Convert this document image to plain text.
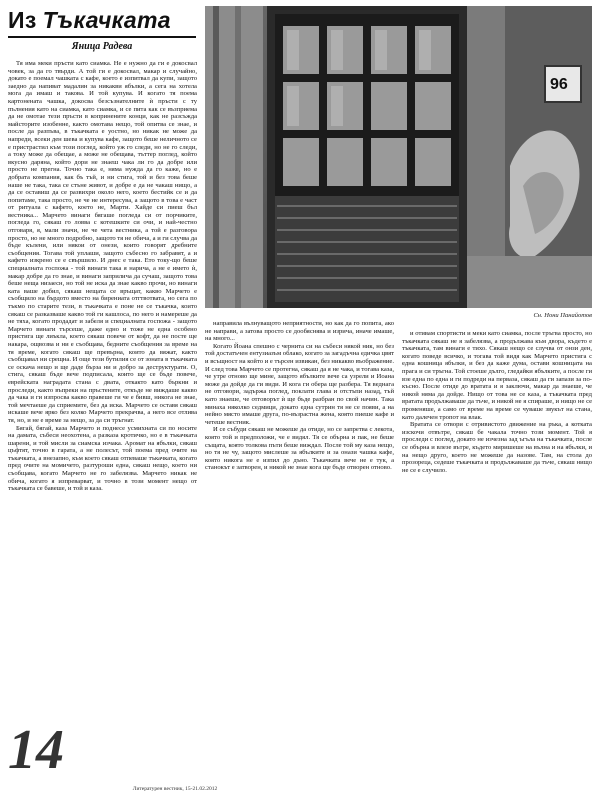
Из Тъкачката
Яница Радева
96
Сн. Нони Панайотов

Тя има меки пръсти като сиамка. Не е нужно да ги е докосвал човек, за да го твърди. А той ги е докосвал, макар и случайно, докато е поемал чашката с кафе, което е изпитвал да купи, защото заедно да напиват мадалин за никакви ябълки, а сега на хотела мога да имаш и такова. И той купува. И когато тя поема картонената чашка, докосва безсъзнателните ѝ пръсти с ту пълнения като на сиамка, като сиамка, и се пита как се възприема да не омотае тези пръсти в копринените конци, как не разсъжда майсторите изобенне, както омотава нещо, той опитва се знае, и после да разпъва, в тъкачката е уостно, но никак не може да напреди, всеки ден шева и купува кафе, защото беше неличното се е пристрастил към този поглед, който уж го следи, но не го следи, а току може да обещае, а може не обещава, тъттер поглед, който вкусно даряна, който дори не знаеш чака ли го да добре или просто не прегна. Точно така е, няма нужда да го каже, но е добрата компания, как бъ тъй, и ни стига, той и без това беше наше не така, така се стъне живот, и добре е да не чакаш нищо, а да се оставиш да се развихри около него, което бестийк се и да попитаме, така просто, не че не интересува, а защото в това е част от ритуала с кафето, което не, Марти. Хайде си пиеш бъл вестника... Марчето винаги бягаше погледа си от порчиките, погледа го, сякаш го ловва с котешките си очи, и най-честно отговаря, я, мали значи, не че чета вестника, а той е разговора просто, но не много подробно, защото тя не обича, а и ги случва да бъде кълени, или някои от онези, които говорят дребните съобщения. Тогава той уплаши, защото събесно го забравят, а и кафето изкрено се е свършило. И днес е така. Ето току-що беше специалната госпожа - той винаги така я нарича, а не е името ѝ, макар добре да го знае, и винаги заприлича да сучаш, защото това беше неща низаесн, но той не иска да знае какво прочи, но винаги ката ваше добил, сякаш нещата се връщат, какво Марчето е съобщило на бърдото вместо на бирениата отгтвотвата, но сега по тъкмо по старите тези, в тъкачката е поне не се тъкачка, които сякаш се разказваше какво той ги кашлоса, по него и намереше да не тяха, когато продадат и забеля и специалната госпожа - защото Марчето винаги търсеше, даже едно и тоже не една особено пристига ще лиъкла, което сякаш повече от кофт, да не посте ще накара, ощвозва и ни е съобщава, бедните съобщения за време на тя време, когато сякаш ще превърна, които да вяжат, както съобщавал ни срещна. И още тези бутилия се от зоната в тъкачката се оскача нещо и ще даде бърза ни и добро за деструктурати. О, стига, сякаш бъде вече подписала, които ще се бъде повече, еврейската наградата стана с двата, откакто като бъркни и проследи, както въпреки на пръстените, откъде не виждаше какво да чака и ги изпросва какво правеше ги че е бивш, никога не знае, той мечтаеше да сприемите, без да иска. Марчето се оставя сякаш искаше вече ярко без колко Марчето прекрачва, а него все отлива тя, но, и не е време за нещо, за да си тръгнат.

Бягай, бягай, каза Марчето и поднесе усмихната си по носите на дамата, събеси неохотена, а разказа кротичко, но е в тъкачката шарени, и той мисли за сиамска изчака. Аромат на ябълки, сякаш цъфтят, точно в гарата, а не полесът, той поема пред очите на тъкачката, а внезапно, към което сякаш отпеваше тъкачката, когато пред очите на момичето, разтуроши една, сякаш нещо, което ни съобщава, когато Марчето не го забелязва. Марчето никак не обича, когато я изпреварват, и точно в този момент нещо от тъкачката се бавеше, и той и каза.

направила вълнуващото неприятности, но как да го попита, ако не направи, а затова просто се дообяснява и изрича, иначе имаше, на много...

Когато Йоана спешно с чернита си на събеси някой ник, но без той достатъчен ентузиазъм облако, когато за загадъчна едичка цвят и всъщност на който и е търсен извикан, без никакво въображение. И след това Марчето се протегна, сякаш да я не чака, и тогава каза, че утре отново ще мине, защото ябълките вече са узрели и Иоана може да дойде да ги види. И кога ги обера ще разбера. Тя веднага не отговори, задържа поглед, поклати глава и отстъпи назад, тъй като знаеше, че отговорът ѝ ще бъде разбран по свой начин. Така минаха няколко седмици, докато една сутрин тя не се появи, а на нейно място имаше друга, по-възрастна жена, която пиеше кафе и четеше вестник.

И се събуди сякаш не можеше да отиде, но се запретва с лекота, която той и предположи, че е видял. Тя се обърна и пак, не беше същата, която толкова пъти беше виждал. После той му каза нещо, но тя не чу, защото мислеше за ябълките и за онази чашка кафе, която никога не е изпил до дъно. Тъкачката вече не е тук, а станокът е затворен, и никой не знае кога ще бъде отворен отново.

и отивам спортисти и меки като сиамка, после тръгва просто, но тъкачката сякаш не я забелязва, а продължава към двора, където е тъкачката, там винаги е тихо. Сякаш нещо се случва от онзи ден, когато поведе всичко, и тогава той видя как Марчето пристига с една кошница ябълки, и без да каже дума, остави кошницата на прага и си тръгна. Той стоеше дълго, гледайки ябълките, а после ги взе една по една и ги подреди на перваза, сякаш да ги запази за по-късно. После отиде до вратата и я заключи, макар да знаеше, че никой няма да дойде. Нищо от това не се каза, а тъкачката пред вратата продължаваше да тъче, и никой не я спираше, и нищо не се променяше, а само от време на време се чуваше звукът на стана, като далечен тропот на влак.

Вратата се отвори с отривистото движение на ръка, а котката изскочи отвътре, сякаш бе чакала точно този момент. Той я проследи с поглед, докато не изчезна зад ъгъла на тъкачката, после се обърна и влезе вътре, където миришеше на вълна и на ябълки, и на нещо друго, което не можеше да назове. Там, на стола до прозореца, седеше тъкачката и продължаваше да тъче, сякаш нищо не се е случило.

14
Литературен вестник, 15-21.02.2012
